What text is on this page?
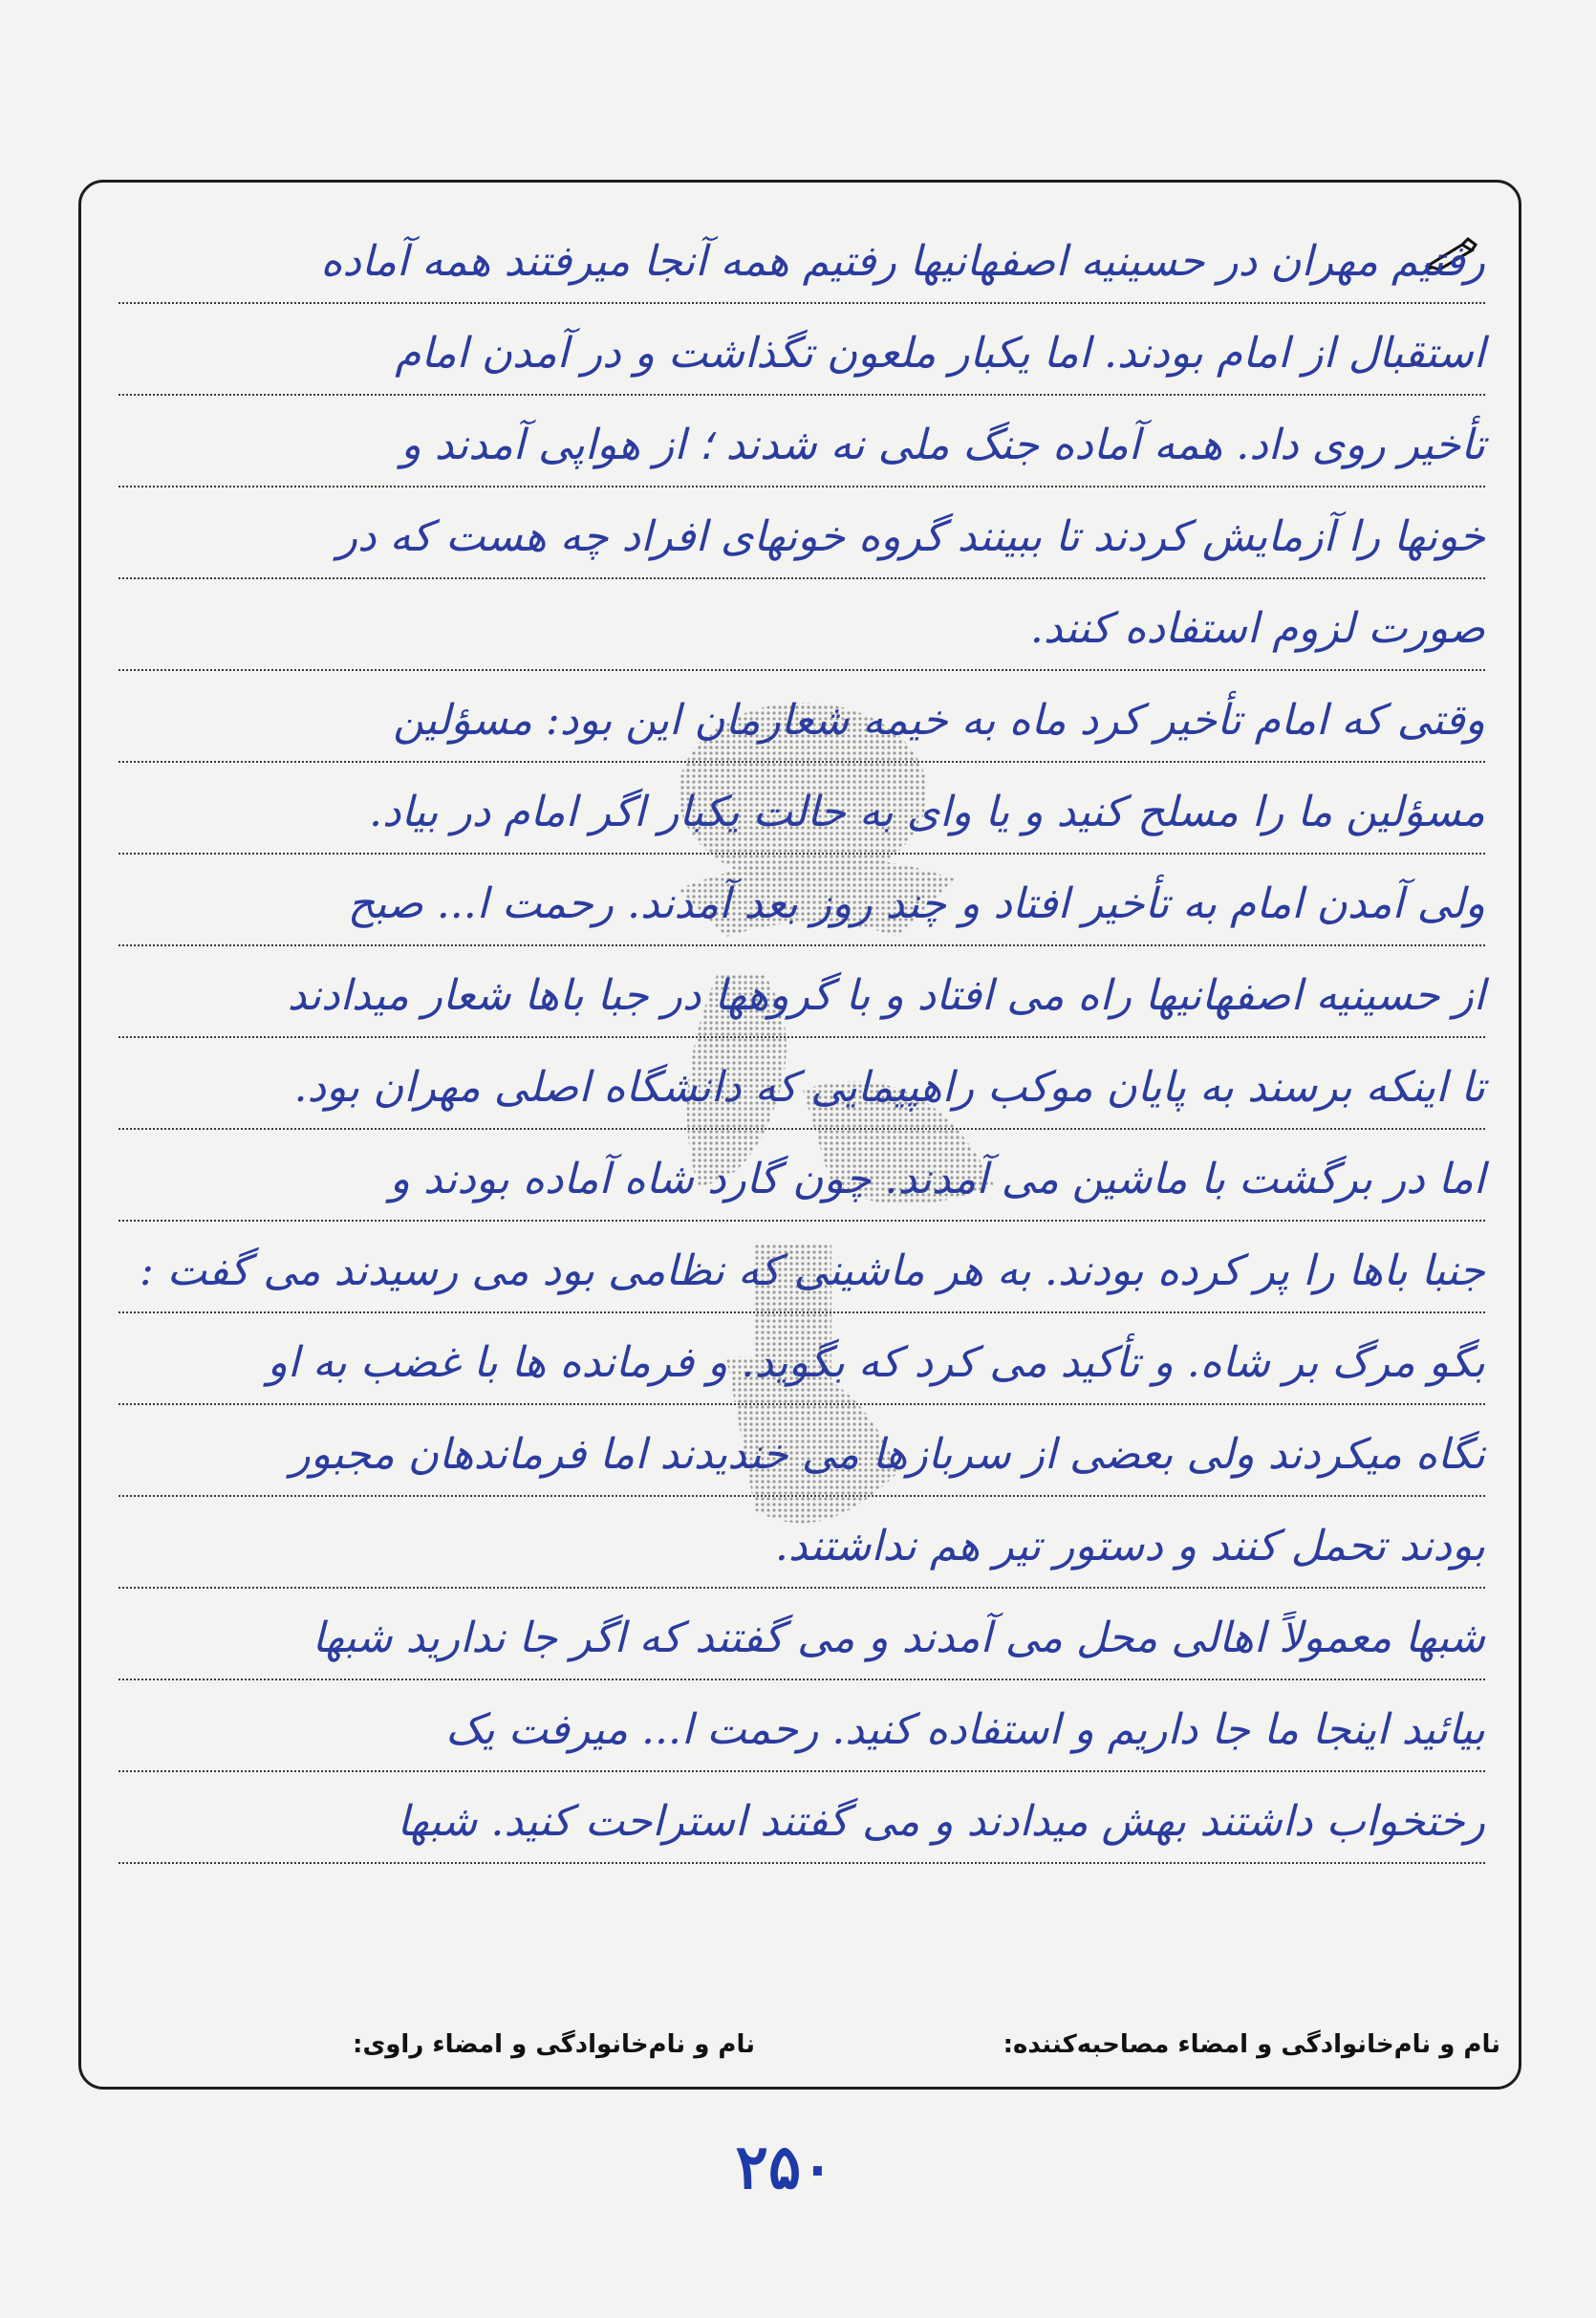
رفتیم مهران در حسینیه اصفهانیها رفتیم همه آنجا میرفتند همه آماده
استقبال از امام بودند. اما یکبار ملعون تگذاشت و در آمدن امام
تأخیر روی داد. همه آماده جنگ ملی نه شدند ؛ از هواپی آمدند و
خونها را آزمایش کردند تا ببینند گروه خونهای افراد چه هست که در
صورت لزوم استفاده کنند.
وقتی که امام تأخیر کرد ماه به خیمه شعارمان این بود: مسؤلین
مسؤلین ما را مسلح کنید و یا وای به حالت یکبار اگر امام در بیاد.
ولی آمدن امام به تأخیر افتاد و چند روز بعد آمدند. رحمت ا... صبح
از حسینیه اصفهانیها راه می افتاد و با گروهها در جبا باها شعار میدادند
تا اینکه برسند به پایان موکب راهپیمایی که دانشگاه اصلی مهران بود.
اما در برگشت با ماشین می آمدند. چون گارد شاه آماده بودند و
جنبا باها را پر کرده بودند. به هر ماشینی که نظامی بود می رسیدند می گفت :
بگو مرگ بر شاه. و تأکید می کرد که بگوید. و فرمانده ها با غضب به او
نگاه میکردند ولی بعضی از سربازها می خندیدند اما فرماندهان مجبور
بودند تحمل کنند و دستور تیر هم نداشتند.
شبها معمولاً اهالی محل می آمدند و می گفتند که اگر جا ندارید شبها
بیائید اینجا ما جا داریم و استفاده کنید. رحمت ا... میرفت یک
رختخواب داشتند بهش میدادند و می گفتند استراحت کنید. شبها
نام و نام‌خانوادگی و امضاء مصاحبه‌کننده:
نام و نام‌خانوادگی و امضاء راوی:
۲۵۰
